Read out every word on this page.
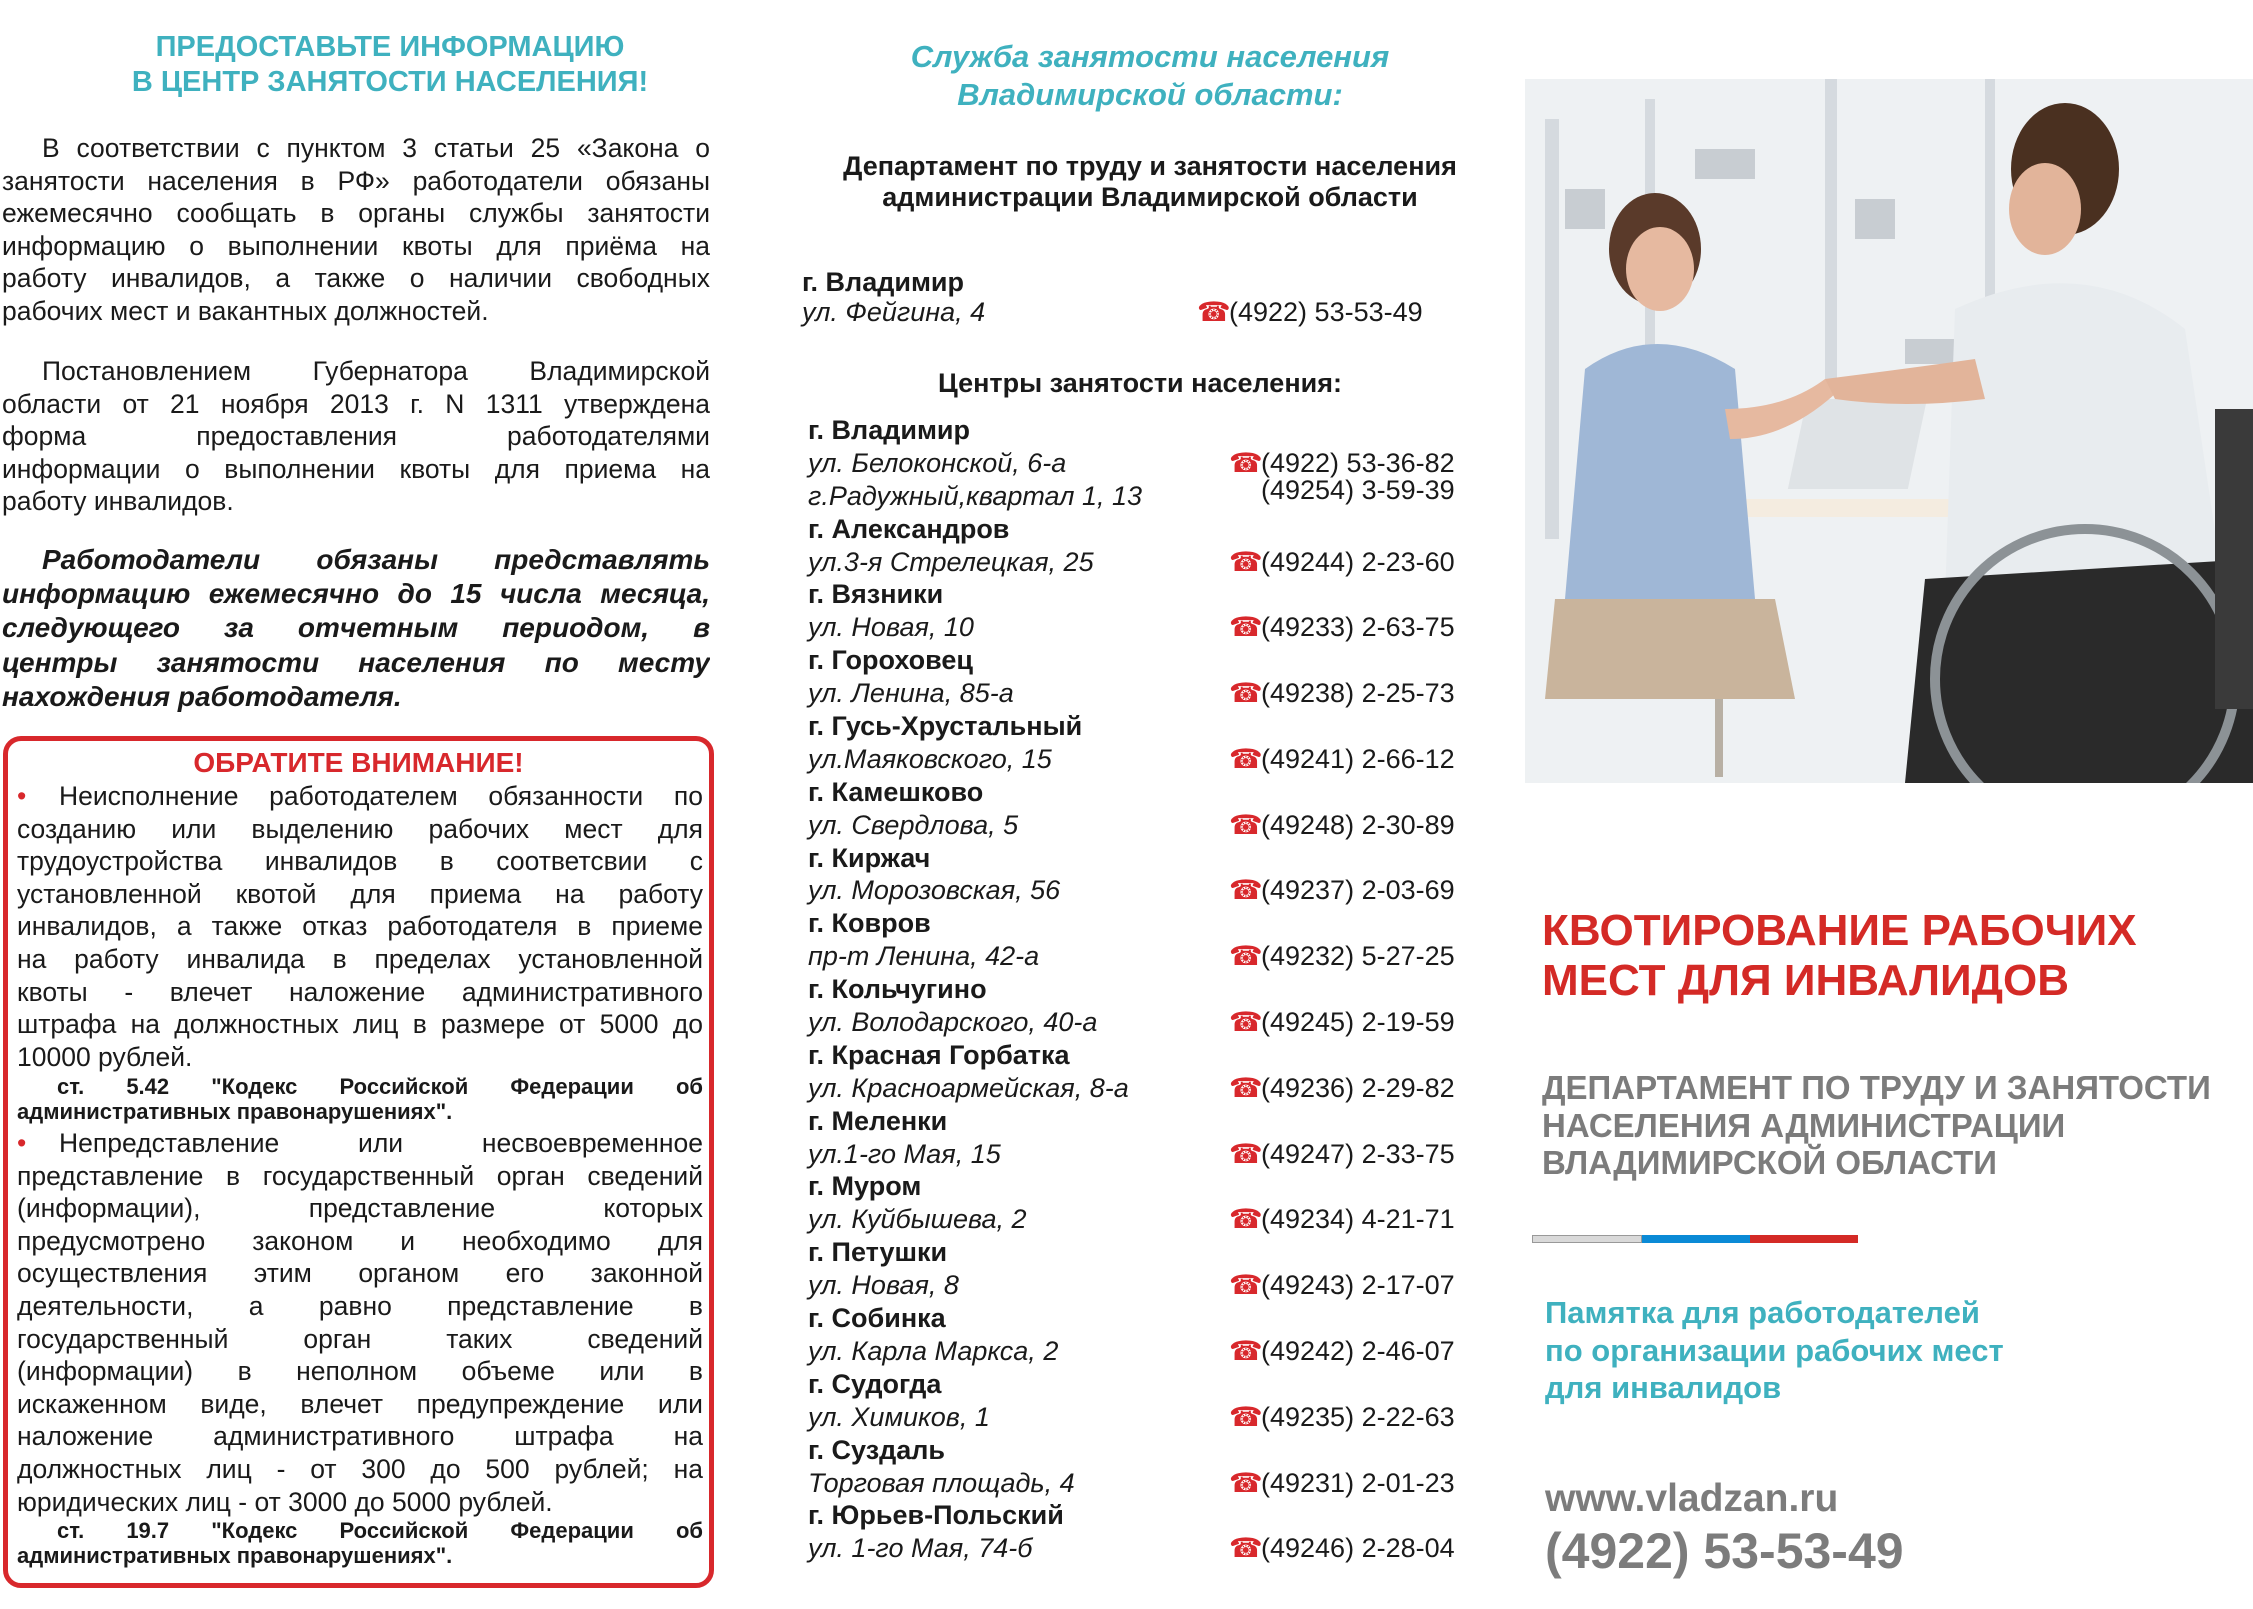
ПРЕДОСТАВЬТЕ ИНФОРМАЦИЮ
В ЦЕНТР ЗАНЯТОСТИ НАСЕЛЕНИЯ!
В соответствии с пунктом 3 статьи 25 «Закона о
занятости населения в РФ» работодатели обязаны
ежемесячно сообщать в органы службы занятости
информацию о выполнении квоты для приёма на
работу инвалидов, а также о наличии свободных
рабочих мест и вакантных должностей.
Постановлением Губернатора Владимирской
области от 21 ноября 2013 г. N 1311 утверждена
форма предоставления работодателями
информации о выполнении квоты для приема на
работу инвалидов.
Работодатели обязаны представлять
информацию ежемесячно до 15 числа месяца,
следующего за отчетным периодом, в
центры занятости населения по месту
нахождения работодателя.
ОБРАТИТЕ ВНИМАНИЕ!
• Неисполнение работодателем обязанности по
созданию или выделению рабочих мест для
трудоустройства инвалидов в соответсвии с
установленной квотой для приема на работу
инвалидов, а также отказ работодателя в приеме
на работу инвалида в пределах установленной
квоты - влечет наложение административного
штрафа на должностных лиц в размере от 5000 до
10000 рублей.
ст. 5.42 "Кодекс Российской Федерации об
административных правонарушениях".
• Непредставление или несвоевременное
представление в государственный орган сведений
(информации), представление которых
предусмотрено законом и необходимо для
осуществления этим органом его законной
деятельности, а равно представление в
государственный орган таких сведений
(информации) в неполном объеме или в
искаженном виде, влечет предупреждение или
наложение административного штрафа на
должностных лиц - от 300 до 500 рублей; на
юридических лиц - от 3000 до 5000 рублей.
ст. 19.7 "Кодекс Российской Федерации об
административных правонарушениях".
Служба занятости населения
Владимирской области:
Департамент по труду и занятости населения
администрации Владимирской области
г. Владимир
ул. Фейгина, 4	☎(4922) 53-53-49
Центры занятости населения:
г. Владимир
ул. Белоконской, 6-а	☎(4922) 53-36-82
г.Радужный,квартал 1, 13	(49254) 3-59-39
г. Александров
ул.3-я Стрелецкая, 25	☎(49244) 2-23-60
г. Вязники
ул. Новая, 10	☎(49233) 2-63-75
г. Гороховец
ул. Ленина, 85-а	☎(49238) 2-25-73
г. Гусь-Хрустальный
ул.Маяковского, 15	☎(49241) 2-66-12
г. Камешково
ул. Свердлова, 5	☎(49248) 2-30-89
г. Киржач
ул. Морозовская, 56	☎(49237) 2-03-69
г. Ковров
пр-т Ленина, 42-а	☎(49232) 5-27-25
г. Кольчугино
ул. Володарского, 40-а	☎(49245) 2-19-59
г. Красная Горбатка
ул. Красноармейская, 8-а	☎(49236) 2-29-82
г. Меленки
ул.1-го Мая, 15	☎(49247) 2-33-75
г. Муром
ул. Куйбышева, 2	☎(49234) 4-21-71
г. Петушки
ул. Новая, 8	☎(49243) 2-17-07
г. Собинка
ул. Карла Маркса, 2	☎(49242) 2-46-07
г. Судогда
ул. Химиков, 1	☎(49235) 2-22-63
г. Суздаль
Торговая площадь, 4	☎(49231) 2-01-23
г. Юрьев-Польский
ул. 1-го Мая, 74-б	☎(49246) 2-28-04
КВОТИРОВАНИЕ РАБОЧИХ
МЕСТ ДЛЯ ИНВАЛИДОВ
ДЕПАРТАМЕНТ ПО ТРУДУ И ЗАНЯТОСТИ
НАСЕЛЕНИЯ АДМИНИСТРАЦИИ
ВЛАДИМИРСКОЙ ОБЛАСТИ
Памятка для работодателей
по организации рабочих мест
для инвалидов
www.vladzan.ru
(4922) 53-53-49
